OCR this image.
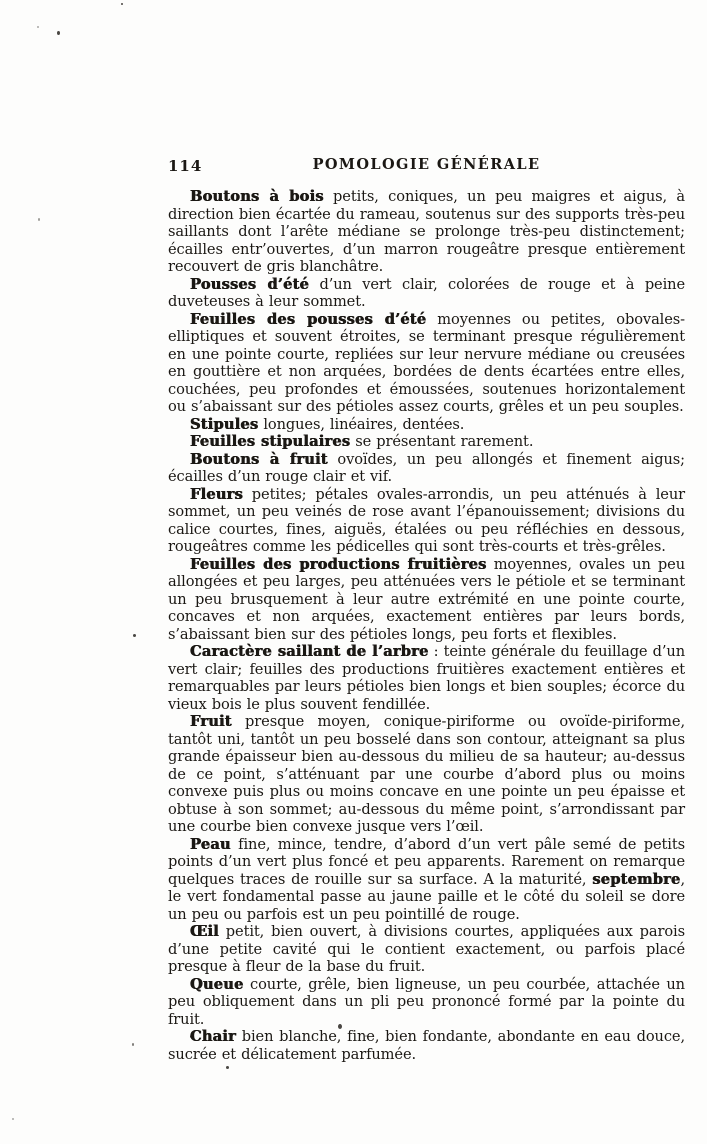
114	POMOLOGIE GÉNÉRALE

Boutons à bois petits, coniques, un peu maigres et aigus, à direction bien écartée du rameau, soutenus sur des supports très-peu saillants dont l’arête médiane se prolonge très-peu distinctement; écailles entr’ouvertes, d’un marron rougeâtre presque entièrement recouvert de gris blanchâtre.

Pousses d’été d’un vert clair, colorées de rouge et à peine duveteuses à leur sommet.

Feuilles des pousses d’été moyennes ou petites, obovales-elliptiques et souvent étroites, se terminant presque régulièrement en une pointe courte, repliées sur leur nervure médiane ou creusées en gouttière et non arquées, bordées de dents écartées entre elles, couchées, peu profondes et émoussées, soutenues horizontalement ou s’abaissant sur des pétioles assez courts, grêles et un peu souples.

Stipules longues, linéaires, dentées.

Feuilles stipulaires se présentant rarement.

Boutons à fruit ovoïdes, un peu allongés et finement aigus; écailles d’un rouge clair et vif.

Fleurs petites; pétales ovales-arrondis, un peu atténués à leur sommet, un peu veinés de rose avant l’épanouissement; divisions du calice courtes, fines, aiguës, étalées ou peu réfléchies en dessous, rougeâtres comme les pédicelles qui sont très-courts et très-grêles.

Feuilles des productions fruitières moyennes, ovales un peu allongées et peu larges, peu atténuées vers le pétiole et se terminant un peu brusquement à leur autre extrémité en une pointe courte, concaves et non arquées, exactement entières par leurs bords, s’abaissant bien sur des pétioles longs, peu forts et flexibles.

Caractère saillant de l’arbre : teinte générale du feuillage d’un vert clair; feuilles des productions fruitières exactement entières et remarquables par leurs pétioles bien longs et bien souples; écorce du vieux bois le plus souvent fendillée.

Fruit presque moyen, conique-piriforme ou ovoïde-piriforme, tantôt uni, tantôt un peu bosselé dans son contour, atteignant sa plus grande épaisseur bien au-dessous du milieu de sa hauteur; au-dessus de ce point, s’atténuant par une courbe d’abord plus ou moins convexe puis plus ou moins concave en une pointe un peu épaisse et obtuse à son sommet; au-dessous du même point, s’arrondissant par une courbe bien convexe jusque vers l’œil.

Peau fine, mince, tendre, d’abord d’un vert pâle semé de petits points d’un vert plus foncé et peu apparents. Rarement on remarque quelques traces de rouille sur sa surface. A la maturité, septembre, le vert fondamental passe au jaune paille et le côté du soleil se dore un peu ou parfois est un peu pointillé de rouge.

Œil petit, bien ouvert, à divisions courtes, appliquées aux parois d’une petite cavité qui le contient exactement, ou parfois placé presque à fleur de la base du fruit.

Queue courte, grêle, bien ligneuse, un peu courbée, attachée un peu obliquement dans un pli peu prononcé formé par la pointe du fruit.

Chair bien blanche, fine, bien fondante, abondante en eau douce, sucrée et délicatement parfumée.
